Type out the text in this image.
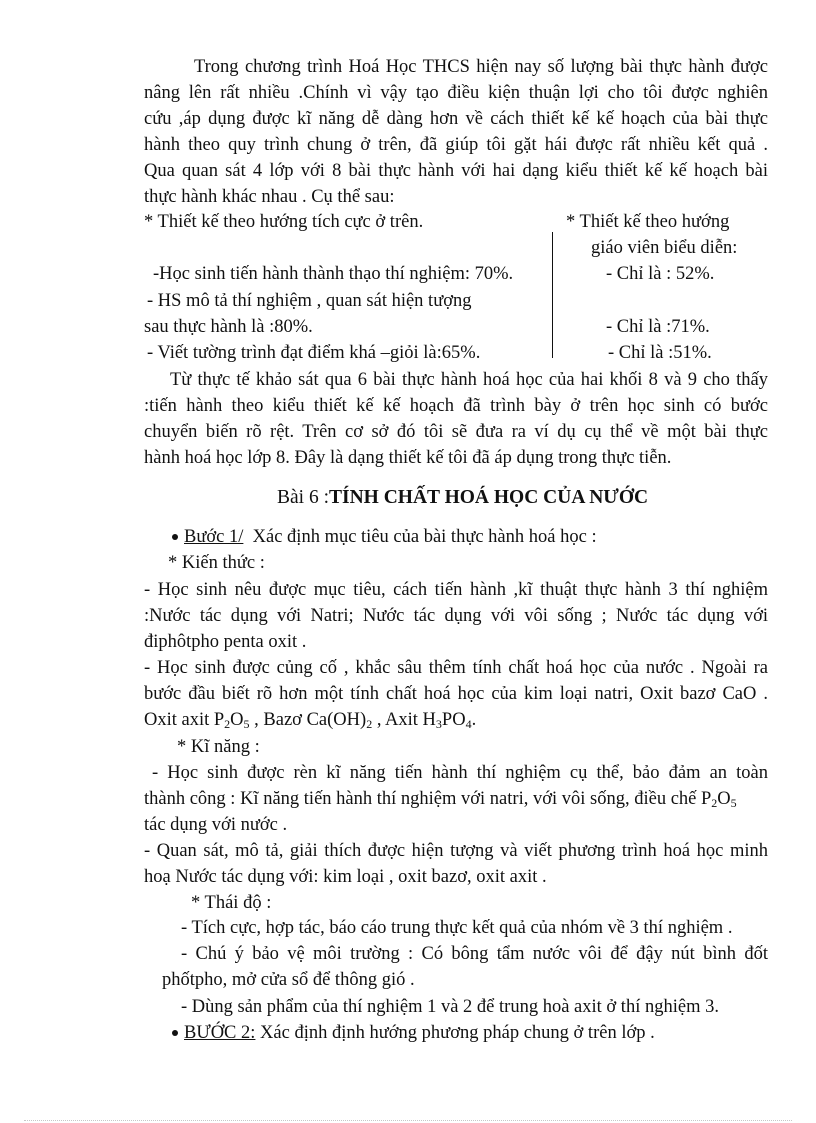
Trong chương trình Hoá Học THCS hiện nay số lượng bài thực hành được
nâng lên rất nhiều .Chính vì vậy tạo điều kiện thuận lợi cho tôi được nghiên
cứu ,áp dụng được kĩ năng dễ dàng hơn về cách thiết kế kế hoạch của bài thực
hành theo quy trình chung ở trên, đã giúp tôi gặt hái được rất nhiều kết quả .
Qua quan sát 4 lớp với 8 bài thực hành với hai dạng kiểu thiết kế kế hoạch bài
thực hành khác nhau . Cụ thể sau:
* Thiết kế theo hướng tích cực ở trên.	* Thiết kế theo hướng
giáo viên biểu diễn:
-Học sinh tiến hành thành thạo thí nghiệm: 70%.	- Chỉ là : 52%.
- HS mô tả thí nghiệm , quan sát hiện tượng
sau thực hành là :80%.	- Chỉ là :71%.
- Viết tường trình đạt điểm khá –giỏi là:65%.	- Chỉ là :51%.
Từ thực tế khảo sát qua 6 bài thực hành hoá học của hai khối 8 và 9 cho thấy
:tiến hành theo kiểu thiết kế kế hoạch đã trình bày ở trên học sinh có bước
chuyển biến rõ rệt. Trên cơ sở đó tôi sẽ đưa ra ví dụ cụ thể về một bài thực
hành hoá học lớp 8. Đây là dạng thiết kế tôi đã áp dụng trong thực tiễn.
Bài 6 :TÍNH CHẤT HOÁ HỌC CỦA NƯỚC
Bước 1/ Xác định mục tiêu của bài thực hành hoá học :
* Kiến thức :
- Học sinh nêu được mục tiêu, cách tiến hành ,kĩ thuật thực hành 3 thí nghiệm
:Nước tác dụng với Natri; Nước tác dụng với vôi sống ; Nước tác dụng với
điphôtpho penta oxit .
- Học sinh được củng cố , khắc sâu thêm tính chất hoá học của nước . Ngoài ra
bước đầu biết rõ hơn một tính chất hoá học của kim loại natri, Oxit bazơ CaO .
Oxit axit $P_2O_5$ , Bazơ $Ca(OH)_2$ , Axit $H_3PO_4$.
* Kĩ năng :
- Học sinh được rèn kĩ năng tiến hành thí nghiệm cụ thể, bảo đảm an toàn
thành công : Kĩ năng tiến hành thí nghiệm với natri, với vôi sống, điều chế $P_2O_5$
tác dụng với nước .
- Quan sát, mô tả, giải thích được hiện tượng và viết phương trình hoá học minh
hoạ Nước tác dụng với: kim loại , oxit bazơ, oxit axit .
* Thái độ :
- Tích cực, hợp tác, báo cáo trung thực kết quả của nhóm về 3 thí nghiệm .
- Chú ý bảo vệ môi trường : Có bông tẩm nước vôi để đậy nút bình đốt
phốtpho, mở cửa sổ để thông gió .
- Dùng sản phẩm của thí nghiệm 1 và 2 để trung hoà axit ở thí nghiệm 3.
BƯỚC 2: Xác định định hướng phương pháp chung ở trên lớp .
